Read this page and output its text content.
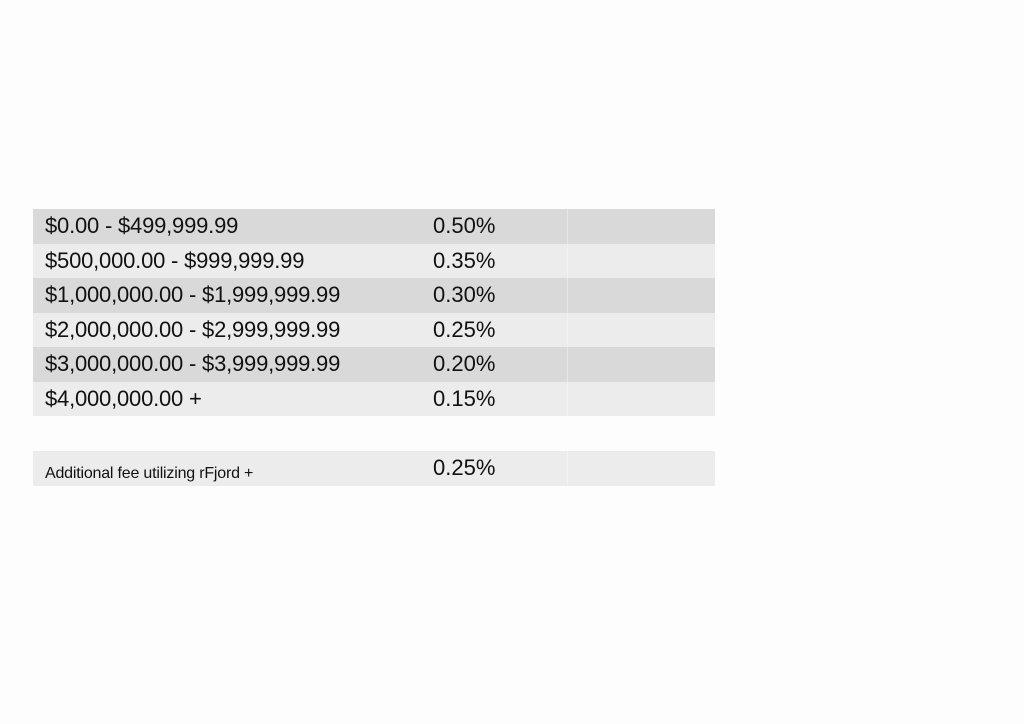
$0.00 - $499,999.99	0.50%
$500,000.00 - $999,999.99	0.35%
$1,000,000.00 - $1,999,999.99	0.30%
$2,000,000.00 - $2,999,999.99	0.25%
$3,000,000.00 - $3,999,999.99	0.20%
$4,000,000.00 +	0.15%
Additional fee utilizing rFjord +	0.25%
